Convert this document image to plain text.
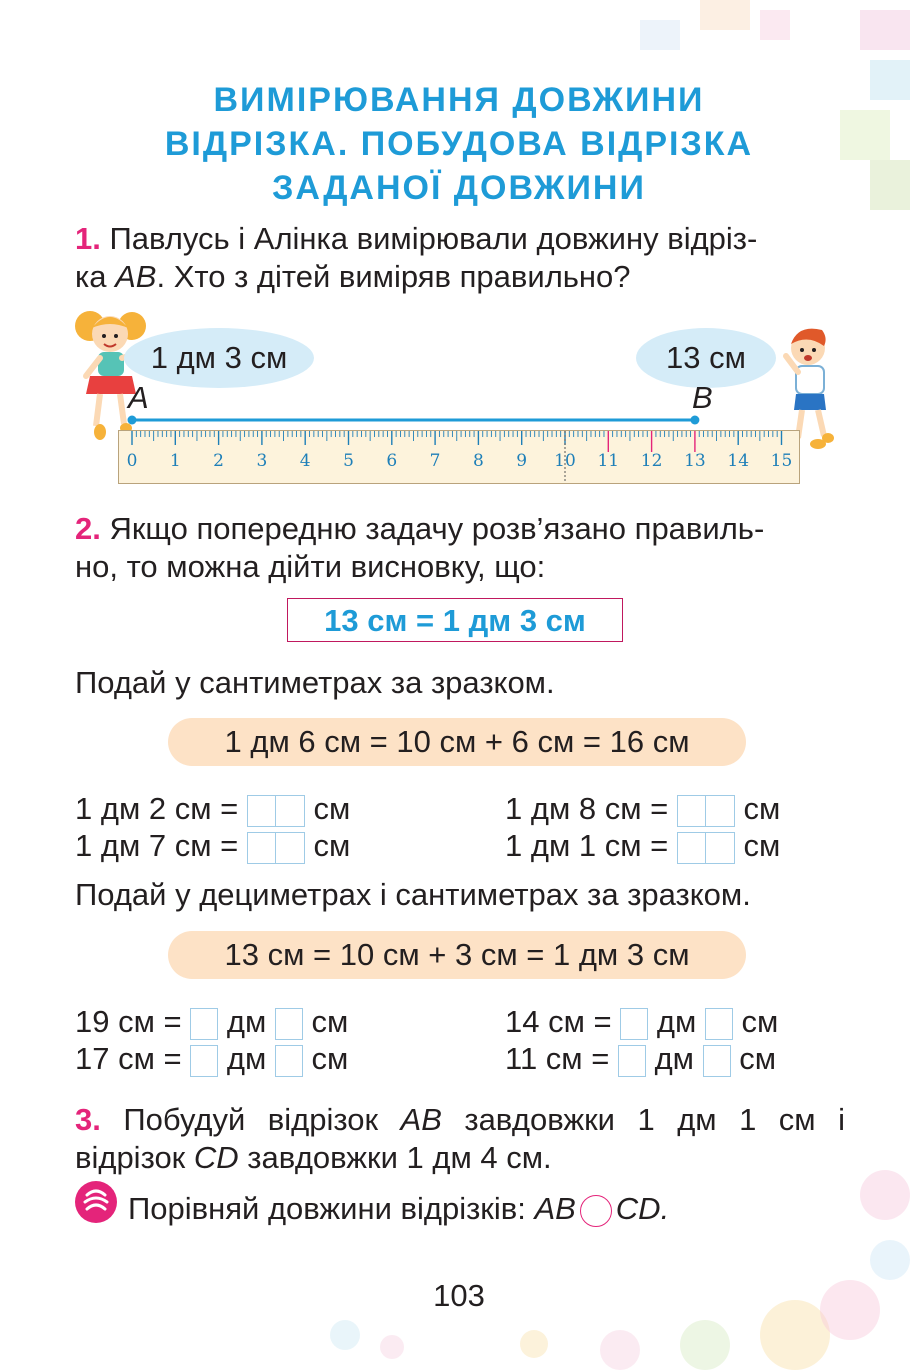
ВИМІРЮВАННЯ ДОВЖИНИ
ВІДРІЗКА. ПОБУДОВА ВІДРІЗКА
ЗАДАНОЇ ДОВЖИНИ

1. Павлусь і Алінка вимірювали довжину відріз-
ка AB. Хто з дітей виміряв правильно?

1 дм 3 см	13 см
A	B
0 1 2 3 4 5 6 7 8 9 10 11 12 13 14 15

2. Якщо попередню задачу розв’язано правиль-
но, то можна дійти висновку, що:

13 см = 1 дм 3 см

Подай у сантиметрах за зразком.

1 дм 6 см = 10 см + 6 см = 16 см
1 дм 2 см = см	1 дм 8 см = см
1 дм 7 см = см	1 дм 1 см = см

Подай у дециметрах і сантиметрах за зразком.

13 см = 10 см + 3 см = 1 дм 3 см
19 см = дм см	14 см = дм см
17 см = дм см	11 см = дм см

3. Побудуй відрізок AB завдовжки 1 дм 1 см і

відрізок CD завдовжки 1 дм 4 см.

Порівняй довжини відрізків: AB CD.

103
